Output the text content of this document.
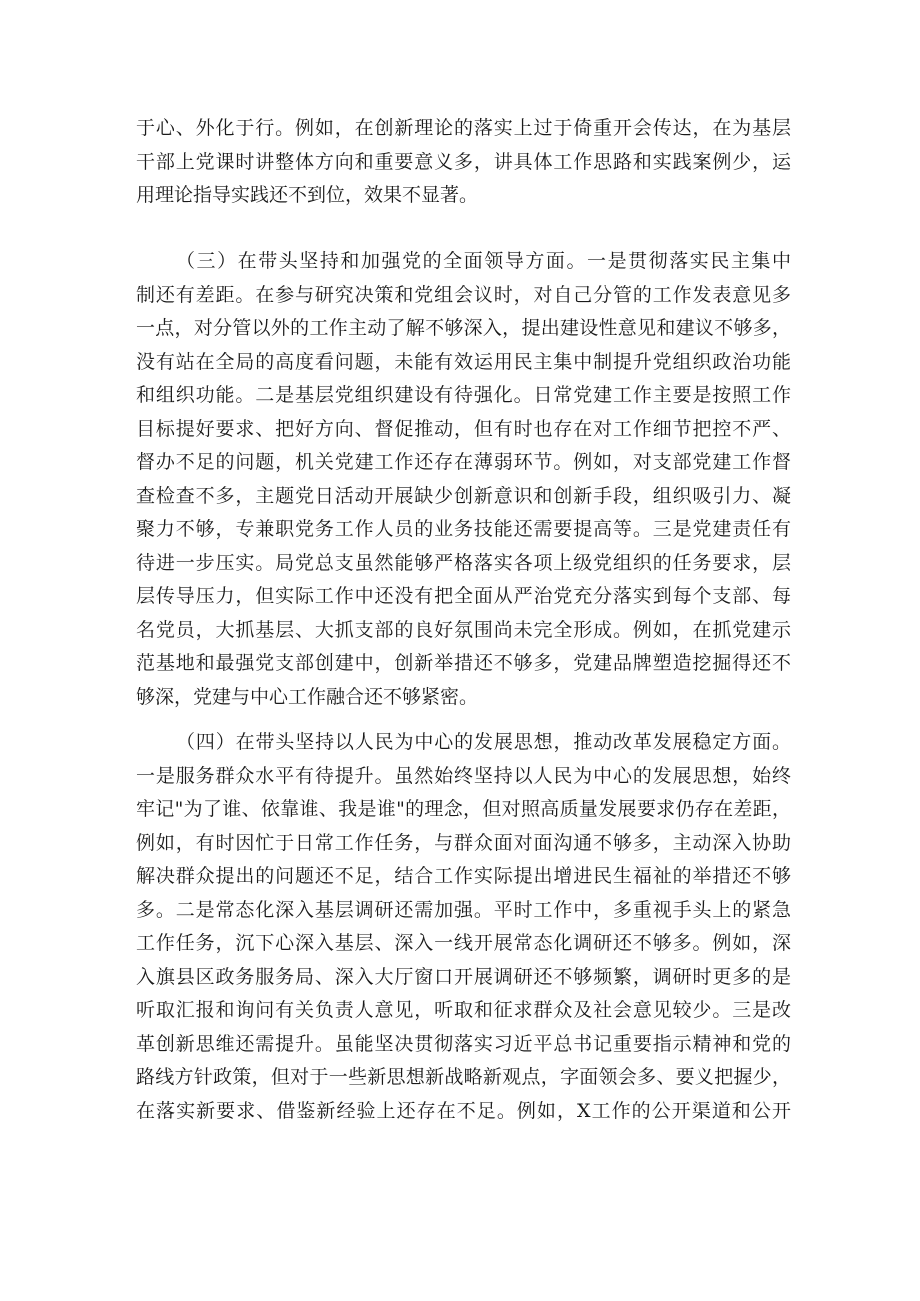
于心、外化于行。例如，在创新理论的落实上过于倚重开会传达，在为基层
干部上党课时讲整体方向和重要意义多，讲具体工作思路和实践案例少，运
用理论指导实践还不到位，效果不显著。
（三）在带头坚持和加强党的全面领导方面。一是贯彻落实民主集中
制还有差距。在参与研究决策和党组会议时，对自己分管的工作发表意见多
一点，对分管以外的工作主动了解不够深入，提出建设性意见和建议不够多，
没有站在全局的高度看问题，未能有效运用民主集中制提升党组织政治功能
和组织功能。二是基层党组织建设有待强化。日常党建工作主要是按照工作
目标提好要求、把好方向、督促推动，但有时也存在对工作细节把控不严、
督办不足的问题，机关党建工作还存在薄弱环节。例如，对支部党建工作督
查检查不多，主题党日活动开展缺少创新意识和创新手段，组织吸引力、凝
聚力不够，专兼职党务工作人员的业务技能还需要提高等。三是党建责任有
待进一步压实。局党总支虽然能够严格落实各项上级党组织的任务要求，层
层传导压力，但实际工作中还没有把全面从严治党充分落实到每个支部、每
名党员，大抓基层、大抓支部的良好氛围尚未完全形成。例如，在抓党建示
范基地和最强党支部创建中，创新举措还不够多，党建品牌塑造挖掘得还不
够深，党建与中心工作融合还不够紧密。
（四）在带头坚持以人民为中心的发展思想，推动改革发展稳定方面。
一是服务群众水平有待提升。虽然始终坚持以人民为中心的发展思想，始终
牢记"为了谁、依靠谁、我是谁"的理念，但对照高质量发展要求仍存在差距，
例如，有时因忙于日常工作任务，与群众面对面沟通不够多，主动深入协助
解决群众提出的问题还不足，结合工作实际提出增进民生福祉的举措还不够
多。二是常态化深入基层调研还需加强。平时工作中，多重视手头上的紧急
工作任务，沉下心深入基层、深入一线开展常态化调研还不够多。例如，深
入旗县区政务服务局、深入大厅窗口开展调研还不够频繁，调研时更多的是
听取汇报和询问有关负责人意见，听取和征求群众及社会意见较少。三是改
革创新思维还需提升。虽能坚决贯彻落实习近平总书记重要指示精神和党的
路线方针政策，但对于一些新思想新战略新观点，字面领会多、要义把握少，
在落实新要求、借鉴新经验上还存在不足。例如，X工作的公开渠道和公开
